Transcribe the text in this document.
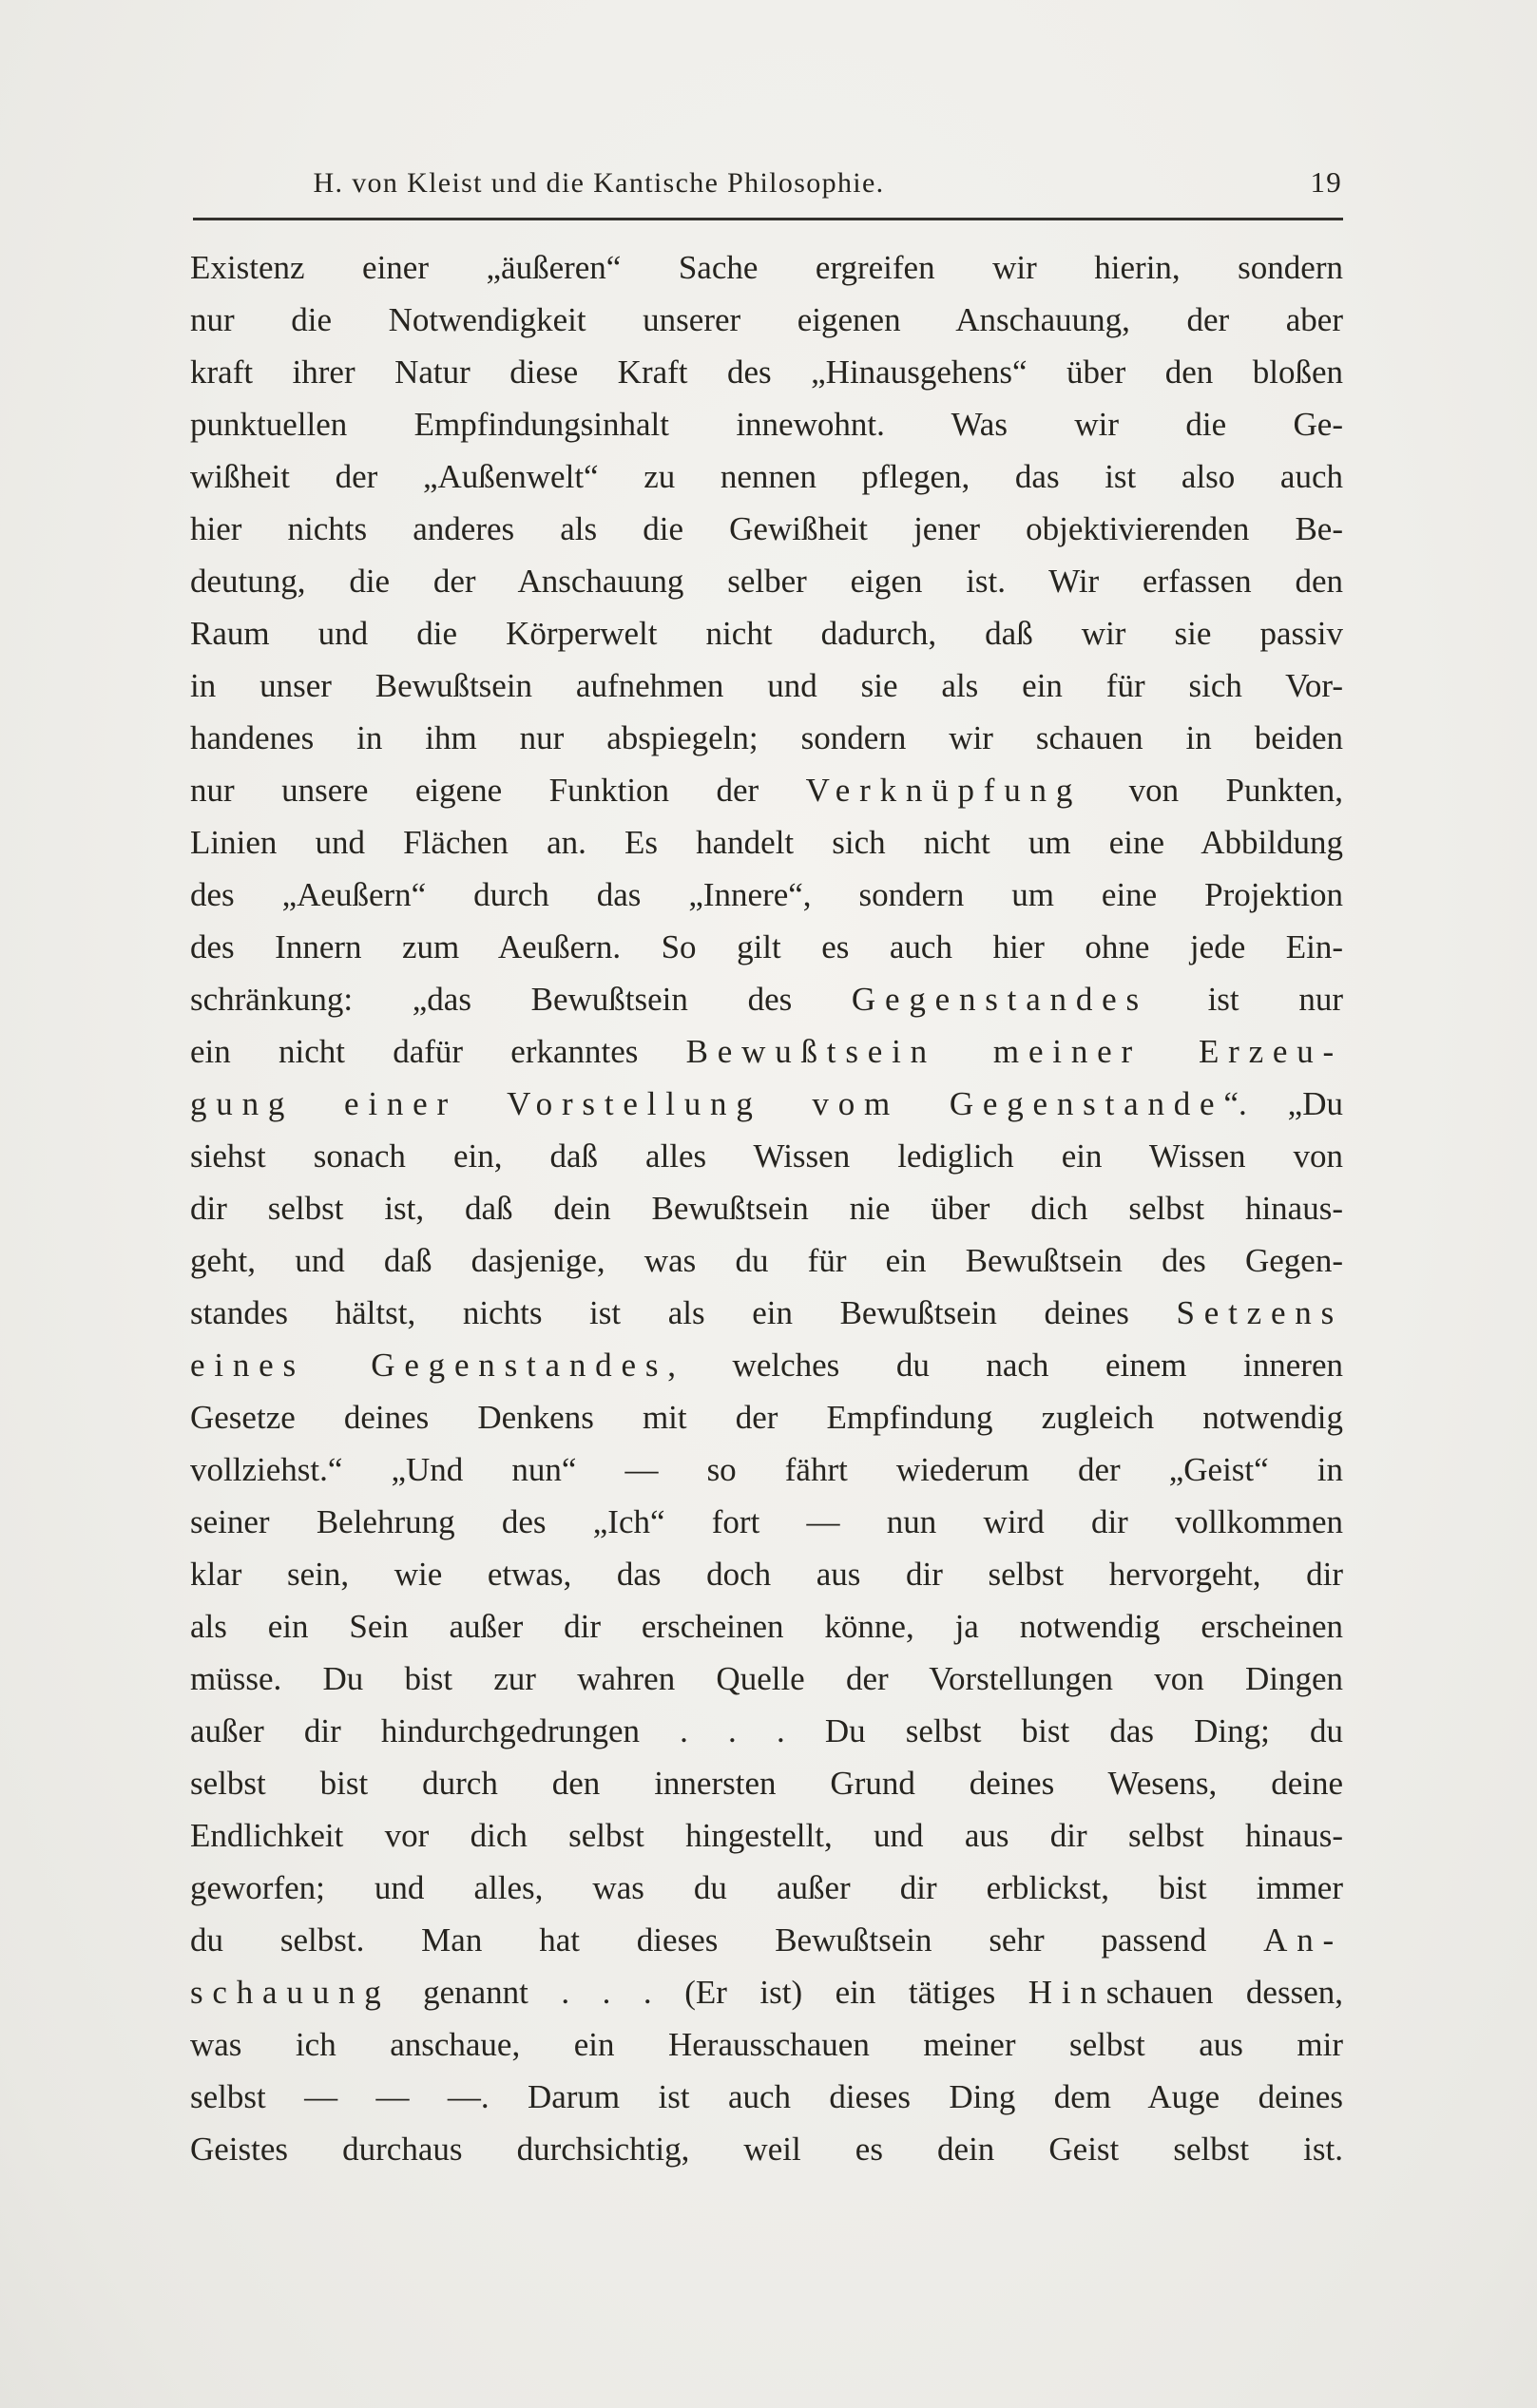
H. von Kleist und die Kantische Philosophie.	19
Existenz einer „äußeren“ Sache ergreifen wir hierin, sondern
nur die Notwendigkeit unserer eigenen Anschauung, der aber
kraft ihrer Natur diese Kraft des „Hinausgehens“ über den bloßen
punktuellen Empfindungsinhalt innewohnt. Was wir die Ge-
wißheit der „Außenwelt“ zu nennen pflegen, das ist also auch
hier nichts anderes als die Gewißheit jener objektivierenden Be-
deutung, die der Anschauung selber eigen ist. Wir erfassen den
Raum und die Körperwelt nicht dadurch, daß wir sie passiv
in unser Bewußtsein aufnehmen und sie als ein für sich Vor-
handenes in ihm nur abspiegeln; sondern wir schauen in beiden
nur unsere eigene Funktion der Verknüpfung von Punkten,
Linien und Flächen an. Es handelt sich nicht um eine Abbildung
des „Aeußern“ durch das „Innere“, sondern um eine Projektion
des Innern zum Aeußern. So gilt es auch hier ohne jede Ein-
schränkung: „das Bewußtsein des Gegenstandes ist nur
ein nicht dafür erkanntes Bewußtsein meiner Erzeu-
gung einer Vorstellung vom Gegenstande“. „Du
siehst sonach ein, daß alles Wissen lediglich ein Wissen von
dir selbst ist, daß dein Bewußtsein nie über dich selbst hinaus-
geht, und daß dasjenige, was du für ein Bewußtsein des Gegen-
standes hältst, nichts ist als ein Bewußtsein deines Setzens
eines Gegenstandes, welches du nach einem inneren
Gesetze deines Denkens mit der Empfindung zugleich notwendig
vollziehst.“ „Und nun“ — so fährt wiederum der „Geist“ in
seiner Belehrung des „Ich“ fort — nun wird dir vollkommen
klar sein, wie etwas, das doch aus dir selbst hervorgeht, dir
als ein Sein außer dir erscheinen könne, ja notwendig erscheinen
müsse. Du bist zur wahren Quelle der Vorstellungen von Dingen
außer dir hindurchgedrungen . . . Du selbst bist das Ding; du
selbst bist durch den innersten Grund deines Wesens, deine
Endlichkeit vor dich selbst hingestellt, und aus dir selbst hinaus-
geworfen; und alles, was du außer dir erblickst, bist immer
du selbst. Man hat dieses Bewußtsein sehr passend An-
schauung genannt . . . (Er ist) ein tätiges Hinschauen dessen,
was ich anschaue, ein Herausschauen meiner selbst aus mir
selbst — — —. Darum ist auch dieses Ding dem Auge deines
Geistes durchaus durchsichtig, weil es dein Geist selbst ist.
